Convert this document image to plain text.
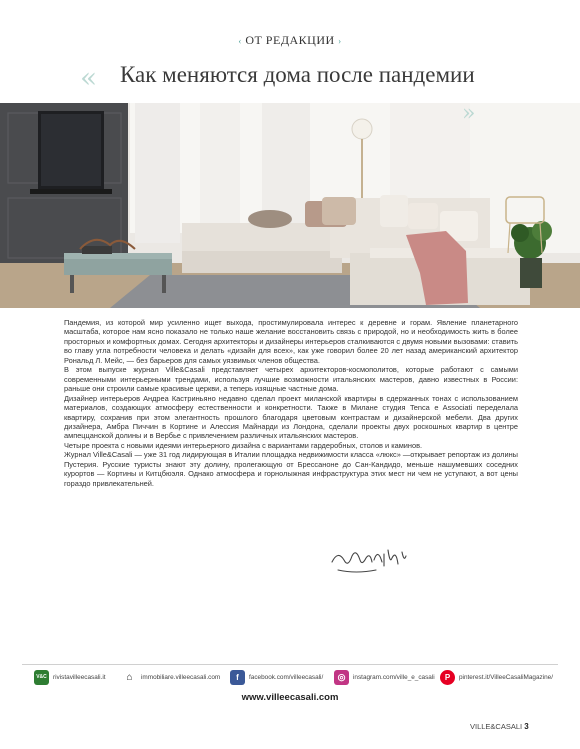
‹ ОТ РЕДАКЦИИ ›
« Как меняются дома после пандемии
»

Пандемия, из которой мир усиленно ищет выхода, простимулировала интерес к деревне и горам. Явление планетарного масштаба, которое нам ясно показало не только наше желание восстановить связь с природой, но и необходимость жить в более просторных и комфортных домах. Сегодня архитекторы и дизайнеры интерьеров сталкиваются с двумя новыми вызовами: ставить во главу угла потребности человека и делать «дизайн для всех», как уже говорил более 20 лет назад американский архитектор Рональд Л. Мейс, — без барьеров для самых уязвимых членов общества.

В этом выпуске журнал Ville&Casali представляет четырех архитекторов-космополитов, которые работают с самыми современными интерьерными трендами, используя лучшие возможности итальянских мастеров, давно известных в России: раньше они строили самые красивые церкви, а теперь изящные частные дома.

Дизайнер интерьеров Андреа Кастриньяно недавно сделал проект миланской квартиры в сдержанных тонах с использованием материалов, создающих атмосферу естественности и конкретности. Также в Милане студия Tenca e Associati переделала квартиру, сохранив при этом элегантность прошлого благодаря цветовым контрастам и дизайнерской мебели. Два других дизайнера, Амбра Пиччин в Кортине и Алессия Майнарди из Лондона, сделали проекты двух роскошных квартир в центре ампеццанской долины и в Вербье с привлечением различных итальянских мастеров.

Четыре проекта с новыми идеями интерьерного дизайна с вариантами гардеробных, столов и каминов.

Журнал Ville&Casali — уже 31 год лидирующая в Италии площадка недвижимости класса «люкс» —открывает репортаж из долины Пустерия. Русские туристы знают эту долину, пролегающую от Брессаноне до Сан-Кандидо, меньше нашумевших соседних курортов — Кортины и Китцбюэля. Однако атмосфера и горнолыжная инфраструктура этих мест ни чем не уступают, а вот цены гораздо привлекательней.

V&C rivistavilleecasali.it	⌂	immobiliare.villeecasali.com	f	facebook.com/villeecasali/	◎	instagram.com/ville_e_casali	P	pinterest.it/VilleeCasaliMagazine/
www.villeecasali.com
VILLE&CASALI 3
